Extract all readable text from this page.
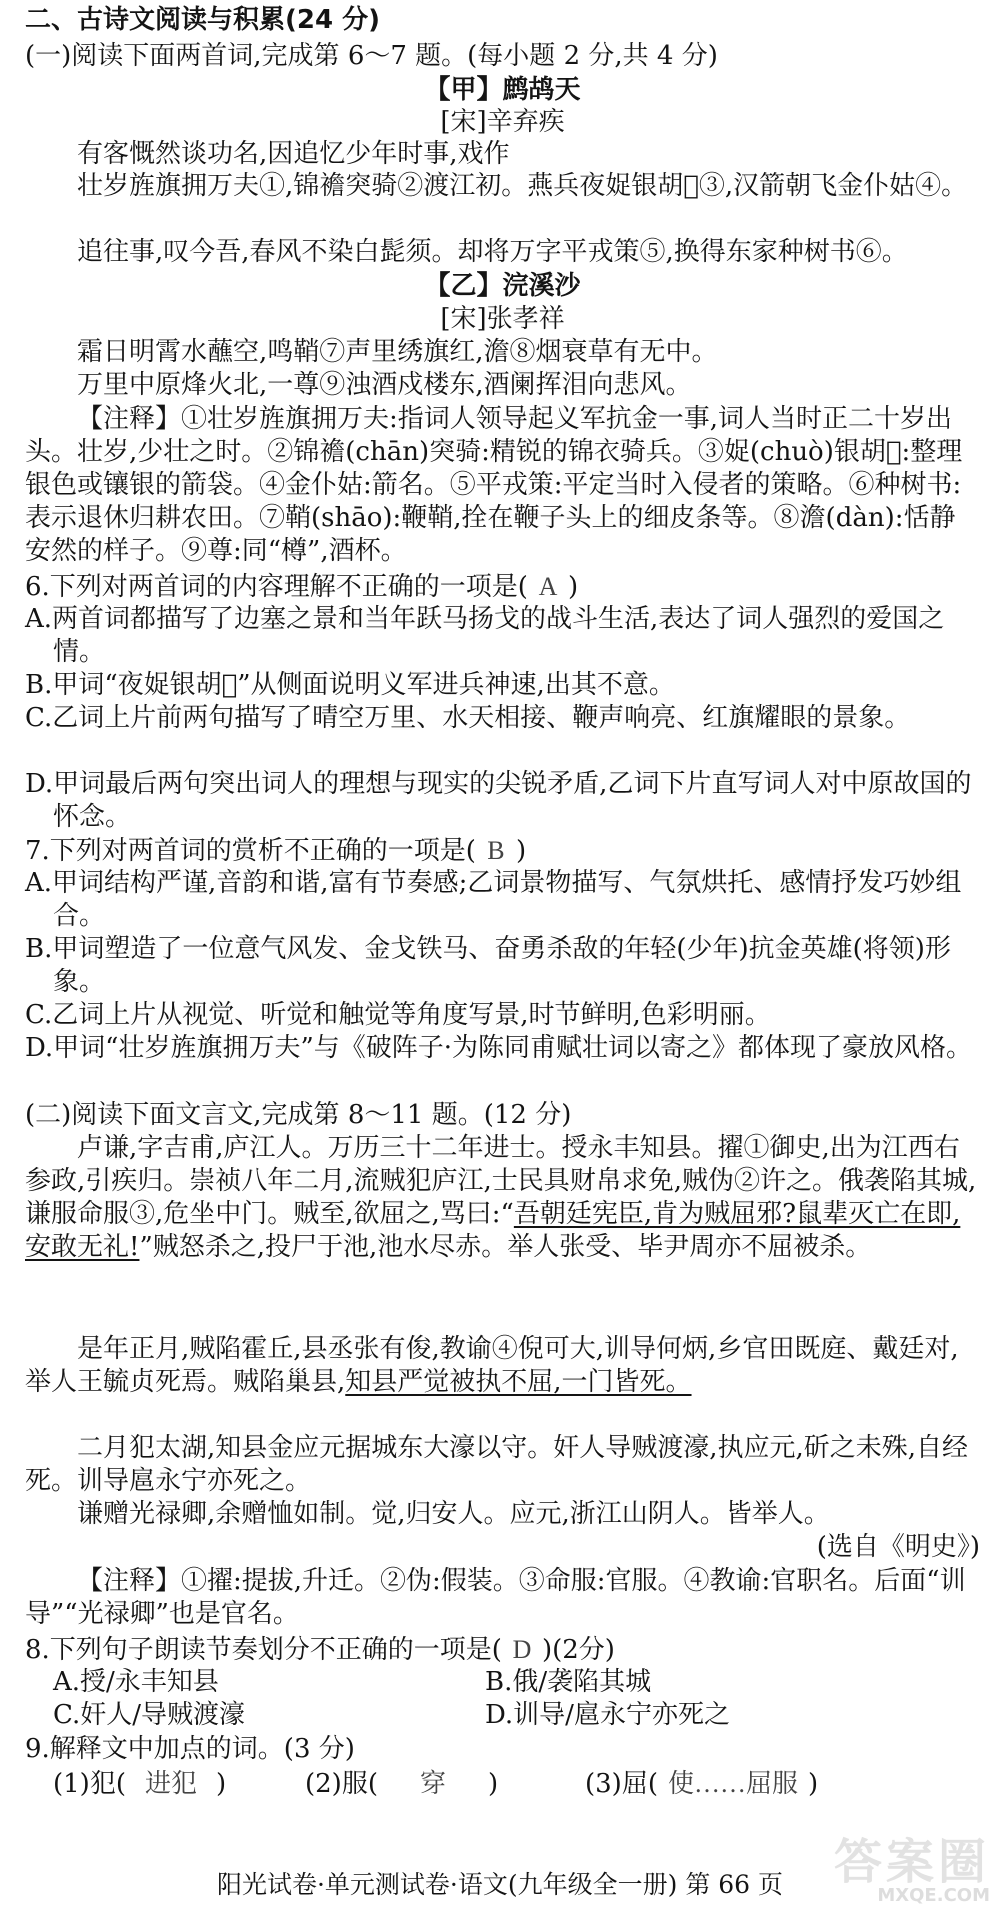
二、古诗文阅读与积累(24 分)
(一)阅读下面两首词,完成第 6～7 题。(每小题 2 分,共 4 分)
【甲】鹧鸪天
[宋]辛弃疾
有客慨然谈功名,因追忆少年时事,戏作
壮岁旌旗拥万夫①,锦襜突骑②渡江初。燕兵夜娖银胡𩨇③,汉箭朝飞金仆姑④。
追往事,叹今吾,春风不染白髭须。却将万字平戎策⑤,换得东家种树书⑥。
【乙】浣溪沙
[宋]张孝祥
霜日明霄水蘸空,鸣鞘⑦声里绣旗红,澹⑧烟衰草有无中。
万里中原烽火北,一尊⑨浊酒戍楼东,酒阑挥泪向悲风。
【注释】①壮岁旌旗拥万夫:指词人领导起义军抗金一事,词人当时正二十岁出头。壮岁,少壮之时。②锦襜(chān)突骑:精锐的锦衣骑兵。③娖(chuò)银胡𩨇:整理银色或镶银的箭袋。④金仆姑:箭名。⑤平戎策:平定当时入侵者的策略。⑥种树书:表示退休归耕农田。⑦鞘(shāo):鞭鞘,拴在鞭子头上的细皮条等。⑧澹(dàn):恬静安然的样子。⑨尊:同“樽”,酒杯。
6.下列对两首词的内容理解不正确的一项是( A )
A.两首词都描写了边塞之景和当年跃马扬戈的战斗生活,表达了词人强烈的爱国之情。
B.甲词“夜娖银胡𩨇”从侧面说明义军进兵神速,出其不意。
C.乙词上片前两句描写了晴空万里、水天相接、鞭声响亮、红旗耀眼的景象。
D.甲词最后两句突出词人的理想与现实的尖锐矛盾,乙词下片直写词人对中原故国的怀念。
7.下列对两首词的赏析不正确的一项是( B )
A.甲词结构严谨,音韵和谐,富有节奏感;乙词景物描写、气氛烘托、感情抒发巧妙组合。
B.甲词塑造了一位意气风发、金戈铁马、奋勇杀敌的年轻(少年)抗金英雄(将领)形象。
C.乙词上片从视觉、听觉和触觉等角度写景,时节鲜明,色彩明丽。
D.甲词“壮岁旌旗拥万夫”与《破阵子·为陈同甫赋壮词以寄之》都体现了豪放风格。
(二)阅读下面文言文,完成第 8～11 题。(12 分)
卢谦,字吉甫,庐江人。万历三十二年进士。授永丰知县。擢①御史,出为江西右参政,引疾归。崇祯八年二月,流贼犯庐江,士民具财帛求免,贼伪②许之。俄袭陷其城,谦服命服③,危坐中门。贼至,欲屈之,骂曰:“吾朝廷宪臣,肯为贼屈邪?鼠辈灭亡在即,安敢无礼!”贼怒杀之,投尸于池,池水尽赤。举人张受、毕尹周亦不屈被杀。
是年正月,贼陷霍丘,县丞张有俊,教谕④倪可大,训导何炳,乡官田既庭、戴廷对,举人王毓贞死焉。贼陷巢县,知县严觉被执不屈,一门皆死。
二月犯太湖,知县金应元据城东大濠以守。奸人导贼渡濠,执应元,斫之未殊,自经死。训导扈永宁亦死之。
谦赠光禄卿,余赠恤如制。觉,归安人。应元,浙江山阴人。皆举人。
(选自《明史》)
【注释】①擢:提拔,升迁。②伪:假装。③命服:官服。④教谕:官职名。后面“训导”“光禄卿”也是官名。
8.下列句子朗读节奏划分不正确的一项是( D )(2分)
A.授/永丰知县	B.俄/袭陷其城
C.奸人/导贼渡濠	D.训导/扈永宁亦死之
9.解释文中加点的词。(3 分)
(1)犯( 进犯 )	(2)服( 穿 )	(3)屈( 使……屈服 )
阳光试卷·单元测试卷·语文(九年级全一册) 第 66 页	答案圈
MXQE.COM
